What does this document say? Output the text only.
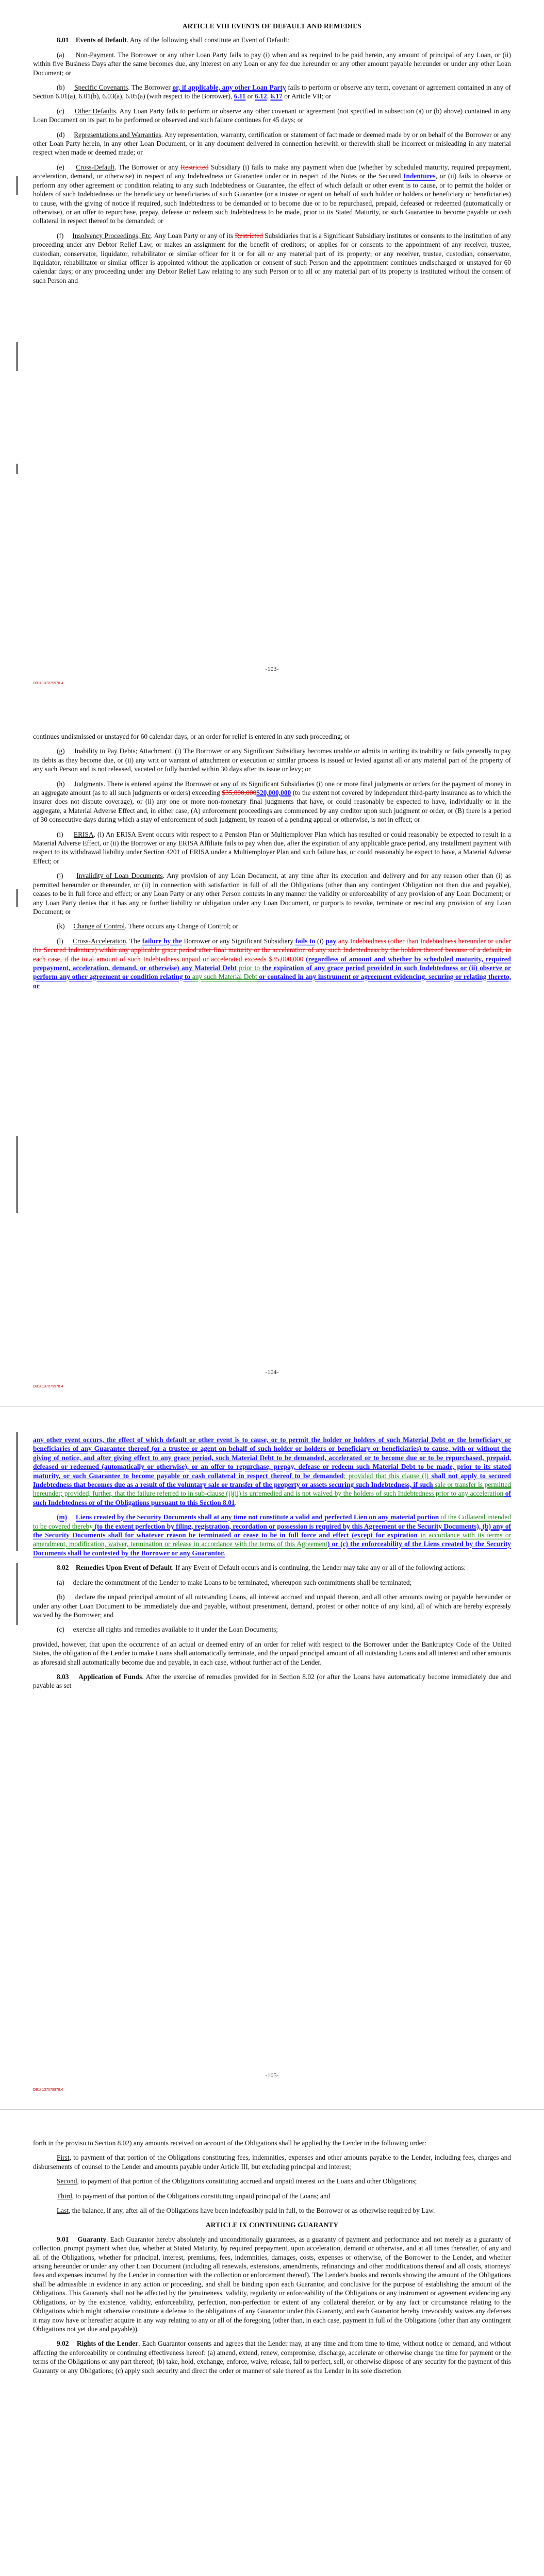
ARTICLE VIII EVENTS OF DEFAULT AND REMEDIES

8.01 Events of Default. Any of the following shall constitute an Event of Default:

(a) Non-Payment. The Borrower or any other Loan Party fails to pay (i) when and as required to be paid herein, any amount of principal of any Loan, or (ii) within five Business Days after the same becomes due, any interest on any Loan or any fee due hereunder or any other amount payable hereunder or under any other Loan Document; or

(b) Specific Covenants. The Borrower or, if applicable, any other Loan Party fails to perform or observe any term, covenant or agreement contained in any of Section 6.01(a), 6.01(b), 6.03(a), 6.05(a) (with respect to the Borrower), 6.11 or 6.12, 6.17 or Article VII; or

(c) Other Defaults. Any Loan Party fails to perform or observe any other covenant or agreement (not specified in subsection (a) or (b) above) contained in any Loan Document on its part to be performed or observed and such failure continues for 45 days; or

(d) Representations and Warranties. Any representation, warranty, certification or statement of fact made or deemed made by or on behalf of the Borrower or any other Loan Party herein, in any other Loan Document, or in any document delivered in connection herewith or therewith shall be incorrect or misleading in any material respect when made or deemed made; or

(e) Cross-Default. The Borrower or any Restricted Subsidiary (i) fails to make any payment when due (whether by scheduled maturity, required prepayment, acceleration, demand, or otherwise) in respect of any Indebtedness or Guarantee under or in respect of the Notes or the Secured Indentures, or (ii) fails to observe or perform any other agreement or condition relating to any such Indebtedness or Guarantee, the effect of which default or other event is to cause, or to permit the holder or holders of such Indebtedness or the beneficiary or beneficiaries of such Guarantee (or a trustee or agent on behalf of such holder or holders or beneficiary or beneficiaries) to cause, with the giving of notice if required, such Indebtedness to be demanded or to become due or to be repurchased, prepaid, defeased or redeemed (automatically or otherwise), or an offer to repurchase, prepay, defease or redeem such Indebtedness to be made, prior to its Stated Maturity, or such Guarantee to become payable or cash collateral in respect thereof to be demanded; or

(f) Insolvency Proceedings, Etc. Any Loan Party or any of its Restricted Subsidiaries that is a Significant Subsidiary institutes or consents to the institution of any proceeding under any Debtor Relief Law, or makes an assignment for the benefit of creditors; or applies for or consents to the appointment of any receiver, trustee, custodian, conservator, liquidator, rehabilitator or similar officer for it or for all or any material part of its property; or any receiver, trustee, custodian, conservator, liquidator, rehabilitator or similar officer is appointed without the application or consent of such Person and the appointment continues undischarged or unstayed for 60 calendar days; or any proceeding under any Debtor Relief Law relating to any such Person or to all or any material part of its property is instituted without the consent of such Person and

-103-
DB1/ 137079978.4

continues undismissed or unstayed for 60 calendar days, or an order for relief is entered in any such proceeding; or

(g) Inability to Pay Debts; Attachment. (i) The Borrower or any Significant Subsidiary becomes unable or admits in writing its inability or fails generally to pay its debts as they become due, or (ii) any writ or warrant of attachment or execution or similar process is issued or levied against all or any material part of the property of any such Person and is not released, vacated or fully bonded within 30 days after its issue or levy; or

(h) Judgments. There is entered against the Borrower or any of its Significant Subsidiaries (i) one or more final judgments or orders for the payment of money in an aggregate amount (as to all such judgments or orders) exceeding $35,000,000$20,000,000 (to the extent not covered by independent third-party insurance as to which the insurer does not dispute coverage), or (ii) any one or more non-monetary final judgments that have, or could reasonably be expected to have, individually or in the aggregate, a Material Adverse Effect and, in either case, (A) enforcement proceedings are commenced by any creditor upon such judgment or order, or (B) there is a period of 30 consecutive days during which a stay of enforcement of such judgment, by reason of a pending appeal or otherwise, is not in effect; or

(i) ERISA. (i) An ERISA Event occurs with respect to a Pension Plan or Multiemployer Plan which has resulted or could reasonably be expected to result in a Material Adverse Effect, or (ii) the Borrower or any ERISA Affiliate fails to pay when due, after the expiration of any applicable grace period, any installment payment with respect to its withdrawal liability under Section 4201 of ERISA under a Multiemployer Plan and such failure has, or could reasonably be expect to have, a Material Adverse Effect; or

(j) Invalidity of Loan Documents. Any provision of any Loan Document, at any time after its execution and delivery and for any reason other than (i) as permitted hereunder or thereunder, or (ii) in connection with satisfaction in full of all the Obligations (other than any contingent Obligation not then due and payable), ceases to be in full force and effect; or any Loan Party or any other Person contests in any manner the validity or enforceability of any provision of any Loan Document; or any Loan Party denies that it has any or further liability or obligation under any Loan Document, or purports to revoke, terminate or rescind any provision of any Loan Document; or

(k) Change of Control. There occurs any Change of Control; or

(l) Cross-Acceleration. The failure by the Borrower or any Significant Subsidiary fails to (i) pay any Indebtedness (other than Indebtedness hereunder or under the Secured Indenture) within any applicable grace period after final maturity or the acceleration of any such Indebtedness by the holders thereof because of a default, in each case, if the total amount of such Indebtedness unpaid or accelerated exceeds $35,000,000 (regardless of amount and whether by scheduled maturity, required prepayment, acceleration, demand, or otherwise) any Material Debt prior to the expiration of any grace period provided in such Indebtedness or (ii) observe or perform any other agreement or condition relating to any such Material Debt or contained in any instrument or agreement evidencing, securing or relating thereto, or

-104-
DB1/ 137079978.4

any other event occurs, the effect of which default or other event is to cause, or to permit the holder or holders of such Material Debt or the beneficiary or beneficiaries of any Guarantee thereof (or a trustee or agent on behalf of such holder or holders or beneficiary or beneficiaries) to cause, with or without the giving of notice, and after giving effect to any grace period, such Material Debt to be demanded, accelerated or to become due or to be repurchased, prepaid, defeased or redeemed (automatically or otherwise), or an offer to repurchase, prepay, defease or redeem such Material Debt to be made, prior to its stated maturity, or such Guarantee to become payable or cash collateral in respect thereof to be demanded; provided that this clause (l) shall not apply to secured Indebtedness that becomes due as a result of the voluntary sale or transfer of the property or assets securing such Indebtedness, if such sale or transfer is permitted hereunder; provided, further, that the failure referred to in sub-clause (i)(ii) is unremedied and is not waived by the holders of such Indebtedness prior to any acceleration of such Indebtedness or of the Obligations pursuant to this Section 8.01.

(m) Liens created by the Security Documents shall at any time not constitute a valid and perfected Lien on any material portion of the Collateral intended to be covered thereby (to the extent perfection by filing, registration, recordation or possession is required by this Agreement or the Security Documents), (b) any of the Security Documents shall for whatever reason be terminated or cease to be in full force and effect (except for expiration in accordance with its terms or amendment, modification, waiver, termination or release in accordance with the terms of this Agreement) or (c) the enforceability of the Liens created by the Security Documents shall be contested by the Borrower or any Guarantor.

8.02 Remedies Upon Event of Default. If any Event of Default occurs and is continuing, the Lender may take any or all of the following actions:

(a) declare the commitment of the Lender to make Loans to be terminated, whereupon such commitments shall be terminated;

(b) declare the unpaid principal amount of all outstanding Loans, all interest accrued and unpaid thereon, and all other amounts owing or payable hereunder or under any other Loan Document to be immediately due and payable, without presentment, demand, protest or other notice of any kind, all of which are hereby expressly waived by the Borrower; and

(c) exercise all rights and remedies available to it under the Loan Documents;

provided, however, that upon the occurrence of an actual or deemed entry of an order for relief with respect to the Borrower under the Bankruptcy Code of the United States, the obligation of the Lender to make Loans shall automatically terminate, and the unpaid principal amount of all outstanding Loans and all interest and other amounts as aforesaid shall automatically become due and payable, in each case, without further act of the Lender.

8.03 Application of Funds. After the exercise of remedies provided for in Section 8.02 (or after the Loans have automatically become immediately due and payable as set

-105-
DB1/ 137079978.4

forth in the proviso to Section 8.02) any amounts received on account of the Obligations shall be applied by the Lender in the following order:

First, to payment of that portion of the Obligations constituting fees, indemnities, expenses and other amounts payable to the Lender, including fees, charges and disbursements of counsel to the Lender and amounts payable under Article III, but excluding principal and interest;

Second, to payment of that portion of the Obligations constituting accrued and unpaid interest on the Loans and other Obligations;

Third, to payment of that portion of the Obligations constituting unpaid principal of the Loans; and

Last, the balance, if any, after all of the Obligations have been indefeasibly paid in full, to the Borrower or as otherwise required by Law.

ARTICLE IX CONTINUING GUARANTY

9.01 Guaranty. Each Guarantor hereby absolutely and unconditionally guarantees, as a guaranty of payment and performance and not merely as a guaranty of collection, prompt payment when due, whether at Stated Maturity, by required prepayment, upon acceleration, demand or otherwise, and at all times thereafter, of any and all of the Obligations, whether for principal, interest, premiums, fees, indemnities, damages, costs, expenses or otherwise, of the Borrower to the Lender, and whether arising hereunder or under any other Loan Document (including all renewals, extensions, amendments, refinancings and other modifications thereof and all costs, attorneys' fees and expenses incurred by the Lender in connection with the collection or enforcement thereof). The Lender's books and records showing the amount of the Obligations shall be admissible in evidence in any action or proceeding, and shall be binding upon each Guarantor, and conclusive for the purpose of establishing the amount of the Obligations. This Guaranty shall not be affected by the genuineness, validity, regularity or enforceability of the Obligations or any instrument or agreement evidencing any Obligations, or by the existence, validity, enforceability, perfection, non-perfection or extent of any collateral therefor, or by any fact or circumstance relating to the Obligations which might otherwise constitute a defense to the obligations of any Guarantor under this Guaranty, and each Guarantor hereby irrevocably waives any defenses it may now have or hereafter acquire in any way relating to any or all of the foregoing (other than, in each case, payment in full of the Obligations (other than any contingent Obligations not yet due and payable)).

9.02 Rights of the Lender. Each Guarantor consents and agrees that the Lender may, at any time and from time to time, without notice or demand, and without affecting the enforceability or continuing effectiveness hereof: (a) amend, extend, renew, compromise, discharge, accelerate or otherwise change the time for payment or the terms of the Obligations or any part thereof; (b) take, hold, exchange, enforce, waive, release, fail to perfect, sell, or otherwise dispose of any security for the payment of this Guaranty or any Obligations; (c) apply such security and direct the order or manner of sale thereof as the Lender in its sole discretion
